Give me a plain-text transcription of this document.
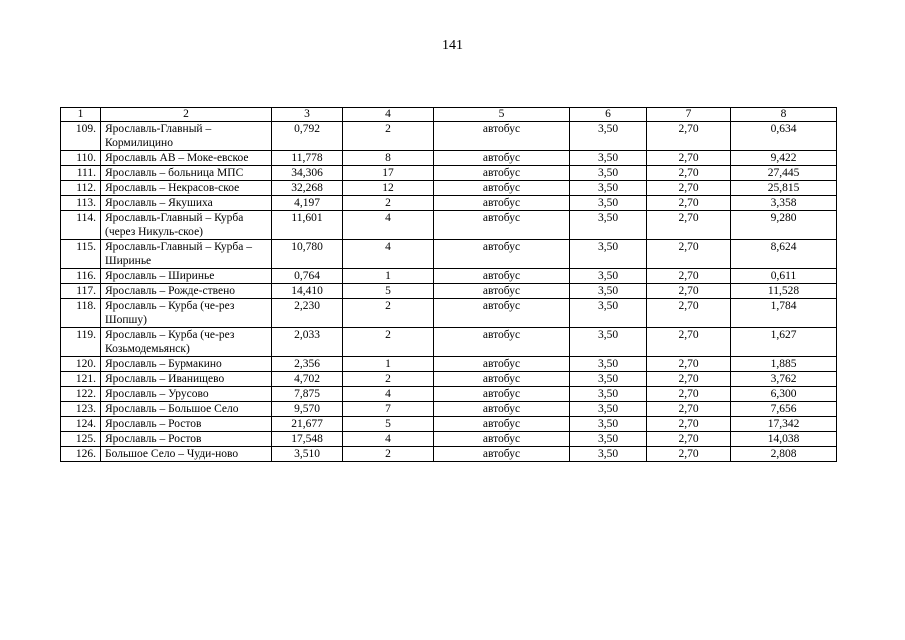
141
1	2	3	4	5	6	7	8
109.	Ярославль-Главный – Кормилицино	0,792	2	автобус	3,50	2,70	0,634
110.	Ярославль АВ – Моке-евское	11,778	8	автобус	3,50	2,70	9,422
111.	Ярославль – больница МПС	34,306	17	автобус	3,50	2,70	27,445
112.	Ярославль – Некрасов-ское	32,268	12	автобус	3,50	2,70	25,815
113.	Ярославль – Якушиха	4,197	2	автобус	3,50	2,70	3,358
114.	Ярославль-Главный – Курба (через Никуль-ское)	11,601	4	автобус	3,50	2,70	9,280
115.	Ярославль-Главный – Курба – Ширинье	10,780	4	автобус	3,50	2,70	8,624
116.	Ярославль – Ширинье	0,764	1	автобус	3,50	2,70	0,611
117.	Ярославль – Рожде-ствено	14,410	5	автобус	3,50	2,70	11,528
118.	Ярославль – Курба (че-рез Шопшу)	2,230	2	автобус	3,50	2,70	1,784
119.	Ярославль – Курба (че-рез Козьмодемьянск)	2,033	2	автобус	3,50	2,70	1,627
120.	Ярославль – Бурмакино	2,356	1	автобус	3,50	2,70	1,885
121.	Ярославль – Иванищево	4,702	2	автобус	3,50	2,70	3,762
122.	Ярославль – Урусово	7,875	4	автобус	3,50	2,70	6,300
123.	Ярославль – Большое Село	9,570	7	автобус	3,50	2,70	7,656
124.	Ярославль – Ростов	21,677	5	автобус	3,50	2,70	17,342
125.	Ярославль – Ростов	17,548	4	автобус	3,50	2,70	14,038
126.	Большое Село – Чуди-ново	3,510	2	автобус	3,50	2,70	2,808
